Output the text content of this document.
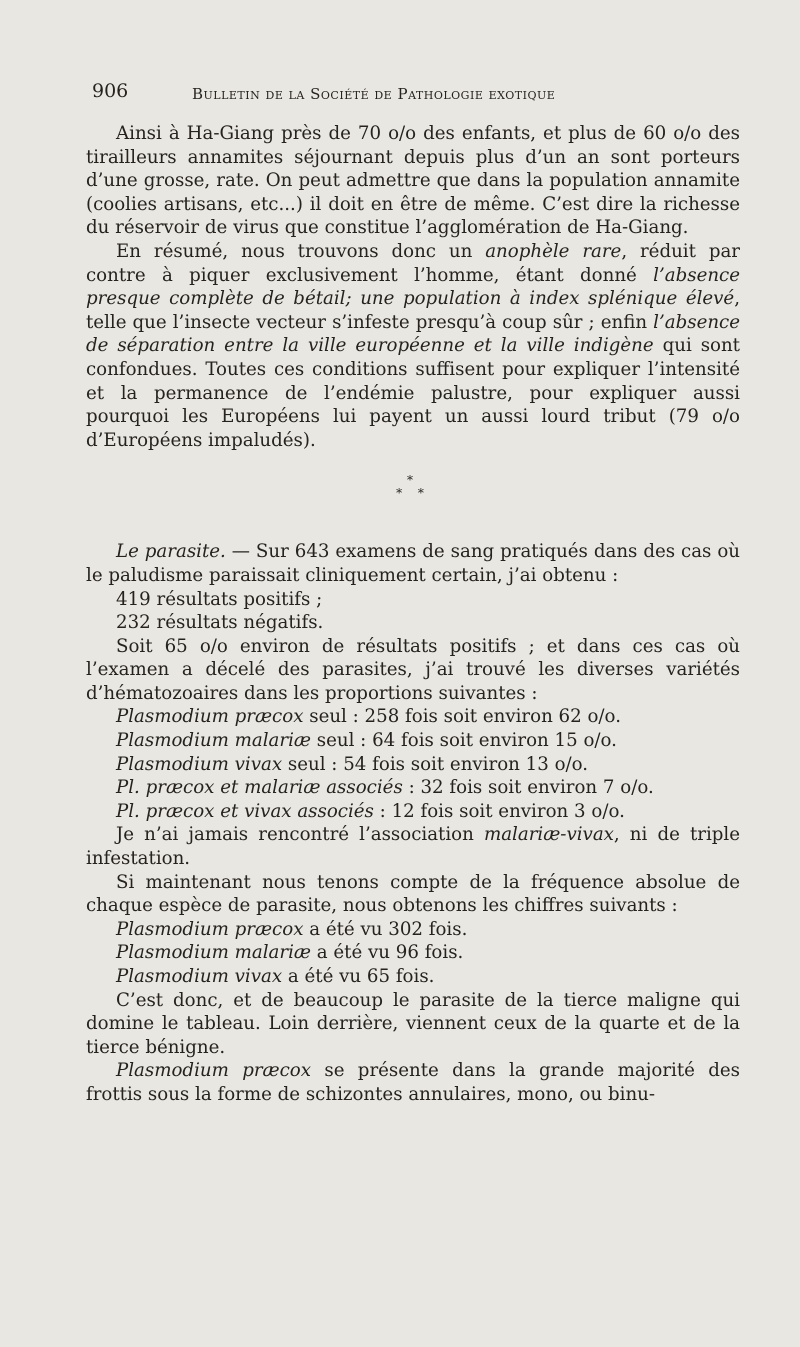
906	Bulletin de la Société de Pathologie exotique

Ainsi à Ha-Giang près de 70 o/o des enfants, et plus de 60 o/o des tirailleurs annamites séjournant depuis plus d’un an sont porteurs d’une grosse, rate. On peut admettre que dans la population annamite (coolies artisans, etc...) il doit en être de même. C’est dire la richesse du réservoir de virus que constitue l’agglomération de Ha-Giang.

En résumé, nous trouvons donc un anophèle rare, réduit par contre à piquer exclusivement l’homme, étant donné l’absence presque complète de bétail; une population à index splénique élevé, telle que l’insecte vecteur s’infeste presqu’à coup sûr ; enfin l’absence de séparation entre la ville européenne et la ville indigène qui sont confondues. Toutes ces conditions suffisent pour expliquer l’intensité et la permanence de l’endémie palustre, pour expliquer aussi pourquoi les Européens lui payent un aussi lourd tribut (79 o/o d’Européens impaludés).

*
* *

Le parasite. — Sur 643 examens de sang pratiqués dans des cas où le paludisme paraissait cliniquement certain, j’ai obtenu :

419 résultats positifs ;

232 résultats négatifs.

Soit 65 o/o environ de résultats positifs ; et dans ces cas où l’examen a décelé des parasites, j’ai trouvé les diverses variétés d’hématozoaires dans les proportions suivantes :

Plasmodium præcox seul : 258 fois soit environ 62 o/o.

Plasmodium malariæ seul : 64 fois soit environ 15 o/o.

Plasmodium vivax seul : 54 fois soit environ 13 o/o.

Pl. præcox et malariæ associés : 32 fois soit environ 7 o/o.

Pl. præcox et vivax associés : 12 fois soit environ 3 o/o.

Je n’ai jamais rencontré l’association malariæ-vivax, ni de triple infestation.

Si maintenant nous tenons compte de la fréquence absolue de chaque espèce de parasite, nous obtenons les chiffres suivants :

Plasmodium præcox a été vu 302 fois.

Plasmodium malariæ a été vu 96 fois.

Plasmodium vivax a été vu 65 fois.

C’est donc, et de beaucoup le parasite de la tierce maligne qui domine le tableau. Loin derrière, viennent ceux de la quarte et de la tierce bénigne.

Plasmodium præcox se présente dans la grande majorité des frottis sous la forme de schizontes annulaires, mono, ou binu-
